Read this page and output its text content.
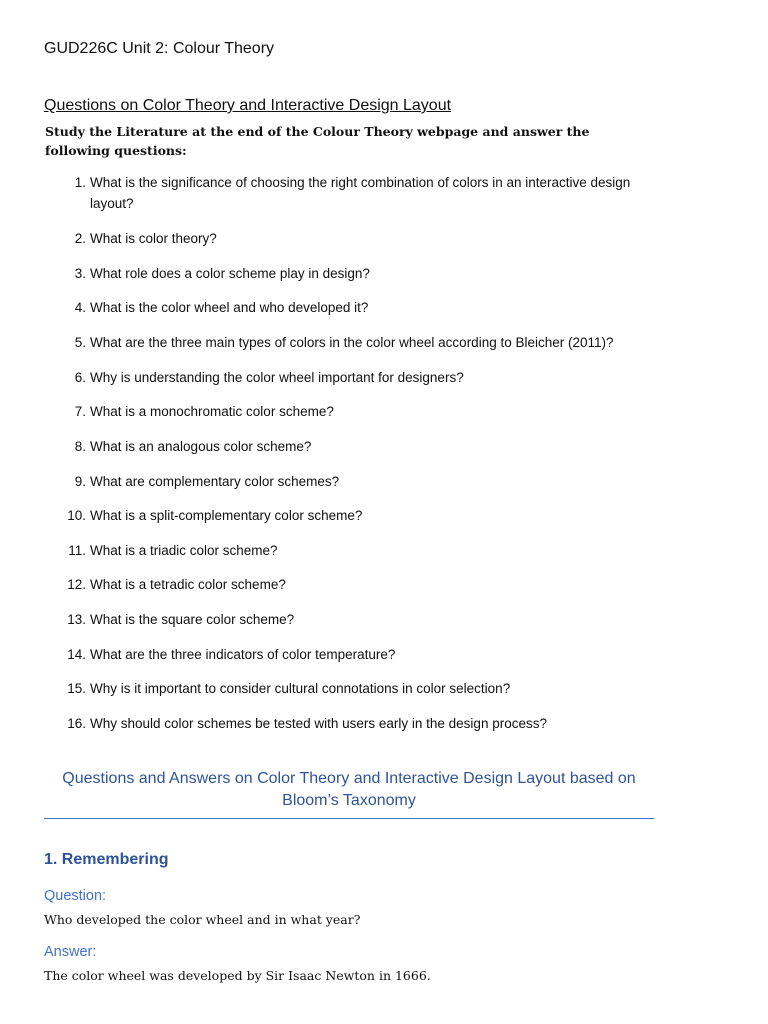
GUD226C Unit 2: Colour Theory
Questions on Color Theory and Interactive Design Layout
Study the Literature at the end of the Colour Theory webpage and answer the following questions:
1. What is the significance of choosing the right combination of colors in an interactive design layout?
2. What is color theory?
3. What role does a color scheme play in design?
4. What is the color wheel and who developed it?
5. What are the three main types of colors in the color wheel according to Bleicher (2011)?
6. Why is understanding the color wheel important for designers?
7. What is a monochromatic color scheme?
8. What is an analogous color scheme?
9. What are complementary color schemes?
10. What is a split-complementary color scheme?
11. What is a triadic color scheme?
12. What is a tetradic color scheme?
13. What is the square color scheme?
14. What are the three indicators of color temperature?
15. Why is it important to consider cultural connotations in color selection?
16. Why should color schemes be tested with users early in the design process?
Questions and Answers on Color Theory and Interactive Design Layout based on Bloom’s Taxonomy
1. Remembering
Question:
Who developed the color wheel and in what year?
Answer:
The color wheel was developed by Sir Isaac Newton in 1666.
